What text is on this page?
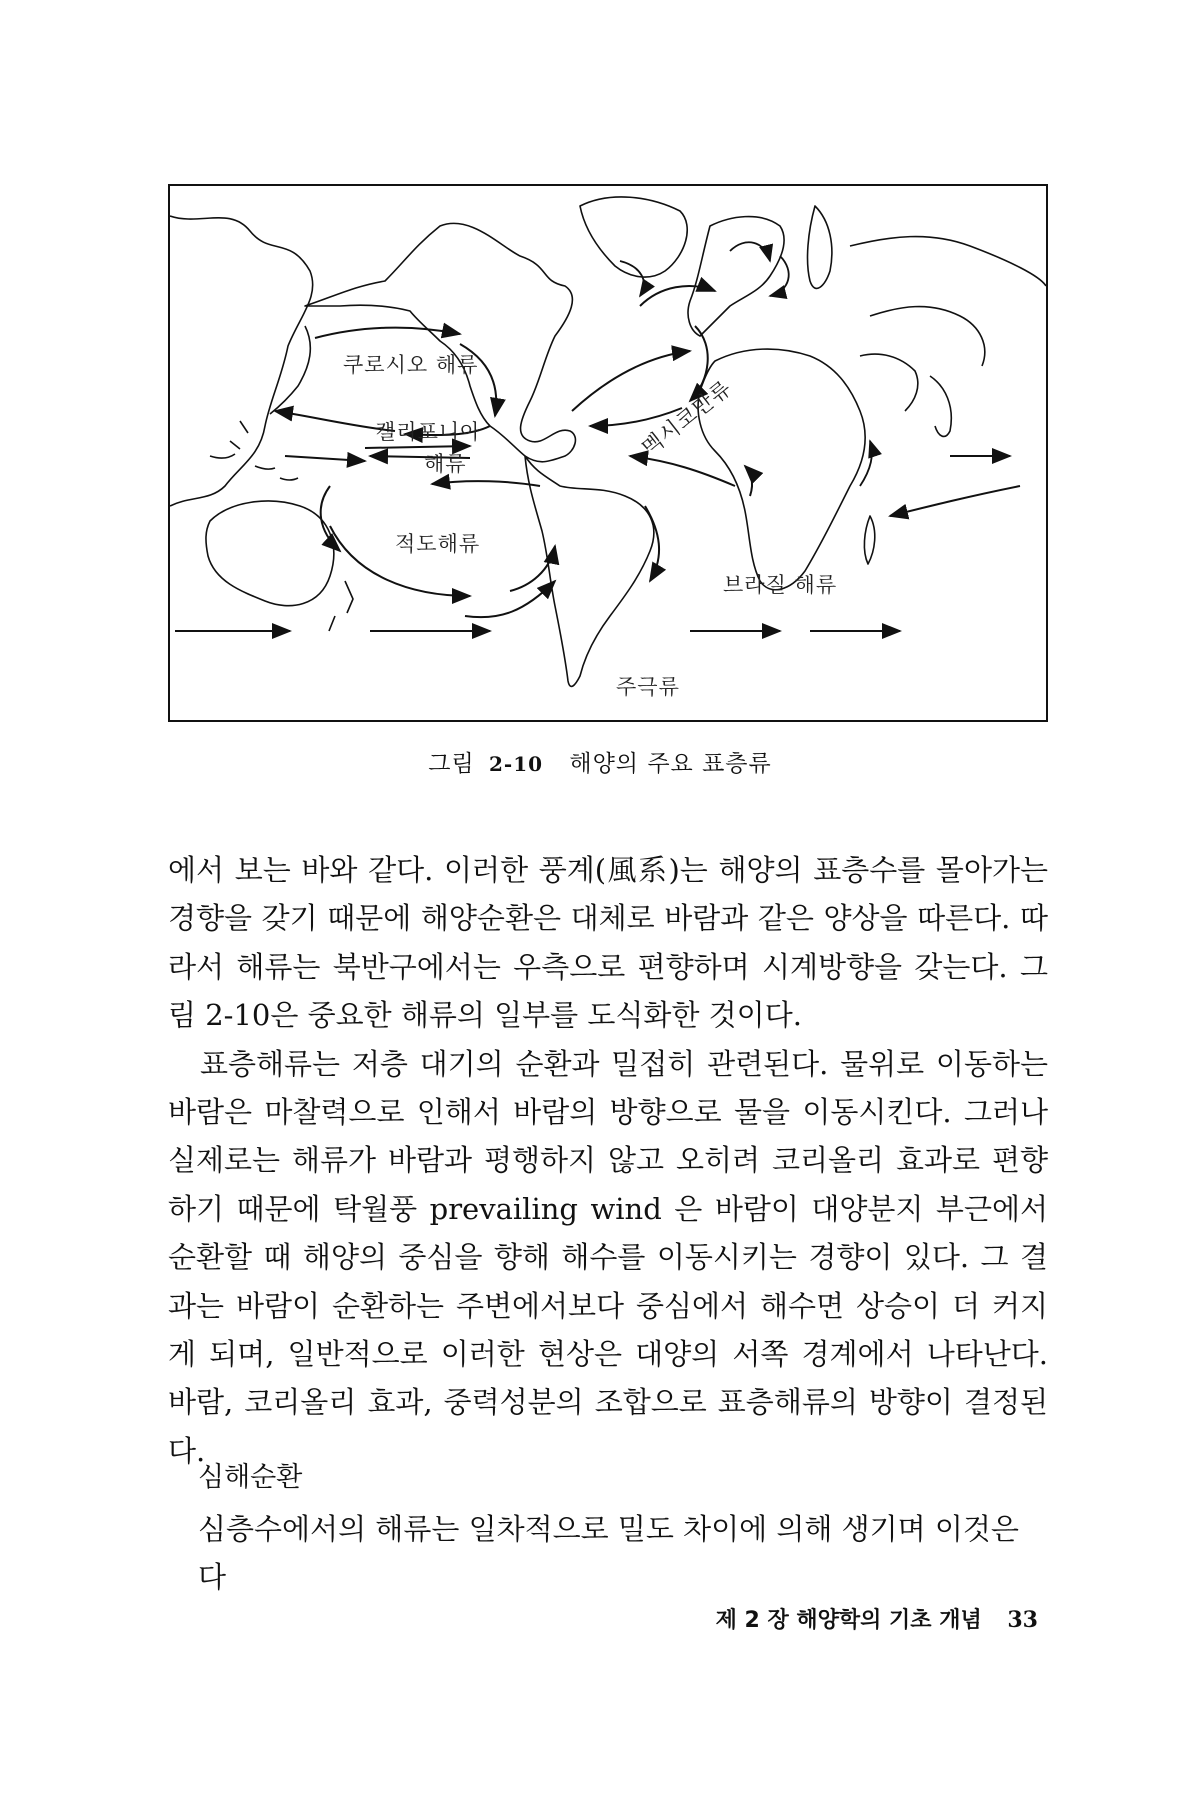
쿠로시오 해류
캘리포니아
해류
적도해류
멕시코만류
브라질 해류
주극류
그림 2-10 해양의 주요 표층류

에서 보는 바와 같다. 이러한 풍계(風系)는 해양의 표층수를 몰아가는 경향을 갖기 때문에 해양순환은 대체로 바람과 같은 양상을 따른다. 따라서 해류는 북반구에서는 우측으로 편향하며 시계방향을 갖는다. 그림 2-10은 중요한 해류의 일부를 도식화한 것이다.

표층해류는 저층 대기의 순환과 밀접히 관련된다. 물위로 이동하는 바람은 마찰력으로 인해서 바람의 방향으로 물을 이동시킨다. 그러나 실제로는 해류가 바람과 평행하지 않고 오히려 코리올리 효과로 편향하기 때문에 탁월풍 prevailing wind 은 바람이 대양분지 부근에서 순환할 때 해양의 중심을 향해 해수를 이동시키는 경향이 있다. 그 결과는 바람이 순환하는 주변에서보다 중심에서 해수면 상승이 더 커지게 되며, 일반적으로 이러한 현상은 대양의 서쪽 경계에서 나타난다. 바람, 코리올리 효과, 중력성분의 조합으로 표층해류의 방향이 결정된다.

심해순환
심층수에서의 해류는 일차적으로 밀도 차이에 의해 생기며 이것은 다
제 2 장 해양학의 기초 개념 33
